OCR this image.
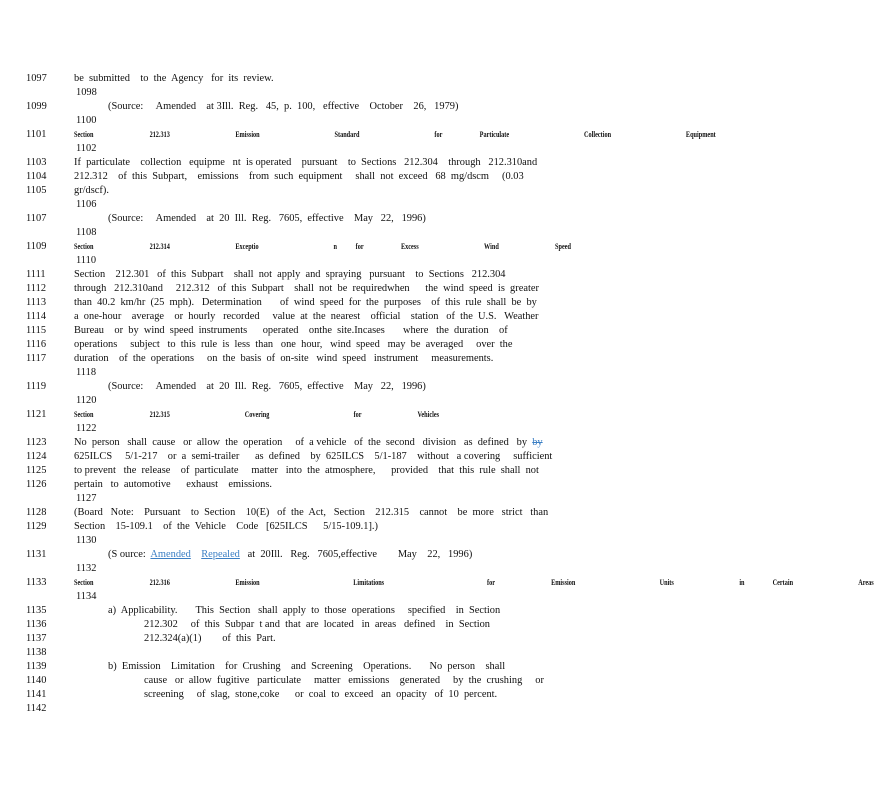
1097	be  submitted    to  the  Agency   for  its  review.
1098
1099	(Source:     Amended    at 3Ill.  Reg.   45,  p.  100,   effective    October    26,   1979)
1100
1101	Section      212.313       Emission        Standard        for    Particulate        Collection        Equipment
1102
1103	If  particulate    collection   equipme   nt  is operated    pursuant    to  Sections   212.304    through   212.310and
1104	212.312    of  this  Subpart,    emissions    from  such  equipment     shall  not  exceed   68  mg/dscm     (0.03
1105	gr/dscf).
1106
1107	(Source:     Amended    at  20  Ill.  Reg.   7605,  effective    May   22,   1996)
1108
1109	Section      212.314       Exceptio        n  for    Excess       Wind      Speed
1110
1111	Section    212.301   of  this  Subpart    shall  not  apply  and  spraying   pursuant    to  Sections   212.304
1112	through   212.310and     212.312   of  this  Subpart    shall  not  be  requiredwhen      the  wind  speed  is  greater
1113	than  40.2  km/hr  (25  mph).   Determination       of  wind  speed  for  the  purposes    of  this  rule  shall  be  by
1114	a  one-hour    average    or  hourly   recorded     value  at  the  nearest    official    station   of  the  U.S.   Weather
1115	Bureau    or  by  wind  speed  instruments      operated    onthe  site.Incases       where   the  duration    of
1116	operations     subject   to  this  rule  is  less  than   one  hour,   wind  speed   may  be  averaged     over  the
1117	duration    of  the  operations     on  the  basis  of  on-site   wind  speed   instrument     measurements.
1118
1119	(Source:     Amended    at  20  Ill.  Reg.   7605,  effective    May   22,   1996)
1120
1121	Section      212.315        Covering         for      Vehicles
1122
1123	No  person   shall  cause   or  allow  the  operation     of  a vehicle   of  the  second   division   as  defined   by  by
1124	625ILCS     5/1-217    or  a  semi-trailer      as  defined    by  625ILCS    5/1-187    without   a covering     sufficient
1125	to prevent   the  release    of  particulate     matter   into  the  atmosphere,      provided    that  this  rule  shall  not
1126	pertain   to  automotive      exhaust    emissions.
1127
1128	(Board   Note:    Pursuant    to  Section    10(E)   of  the  Act,   Section    212.315    cannot    be  more   strict   than
1129	Section    15-109.1    of  the  Vehicle    Code   [625ILCS      5/15-109.1].)
1130
1131	(S ource:  Amended Repealed   at  20Ill.   Reg.   7605,effective        May    22,   1996)
1132
1133	Section      212.316       Emission          Limitations           for      Emission         Units       in   Certain       Areas
1134
1135	a)  Applicability.       This  Section   shall  apply  to  those  operations     specified    in  Section
1136	212.302     of  this  Subpar  t and  that  are  located   in  areas   defined    in  Section
1137	212.324(a)(1)        of  this  Part.
1138
1139	b)  Emission    Limitation    for  Crushing    and  Screening    Operations.       No  person    shall
1140	cause   or  allow  fugitive   particulate     matter   emissions    generated     by  the  crushing     or
1141	screening     of  slag,  stone,coke      or  coal  to  exceed   an  opacity   of  10  percent.
1142
